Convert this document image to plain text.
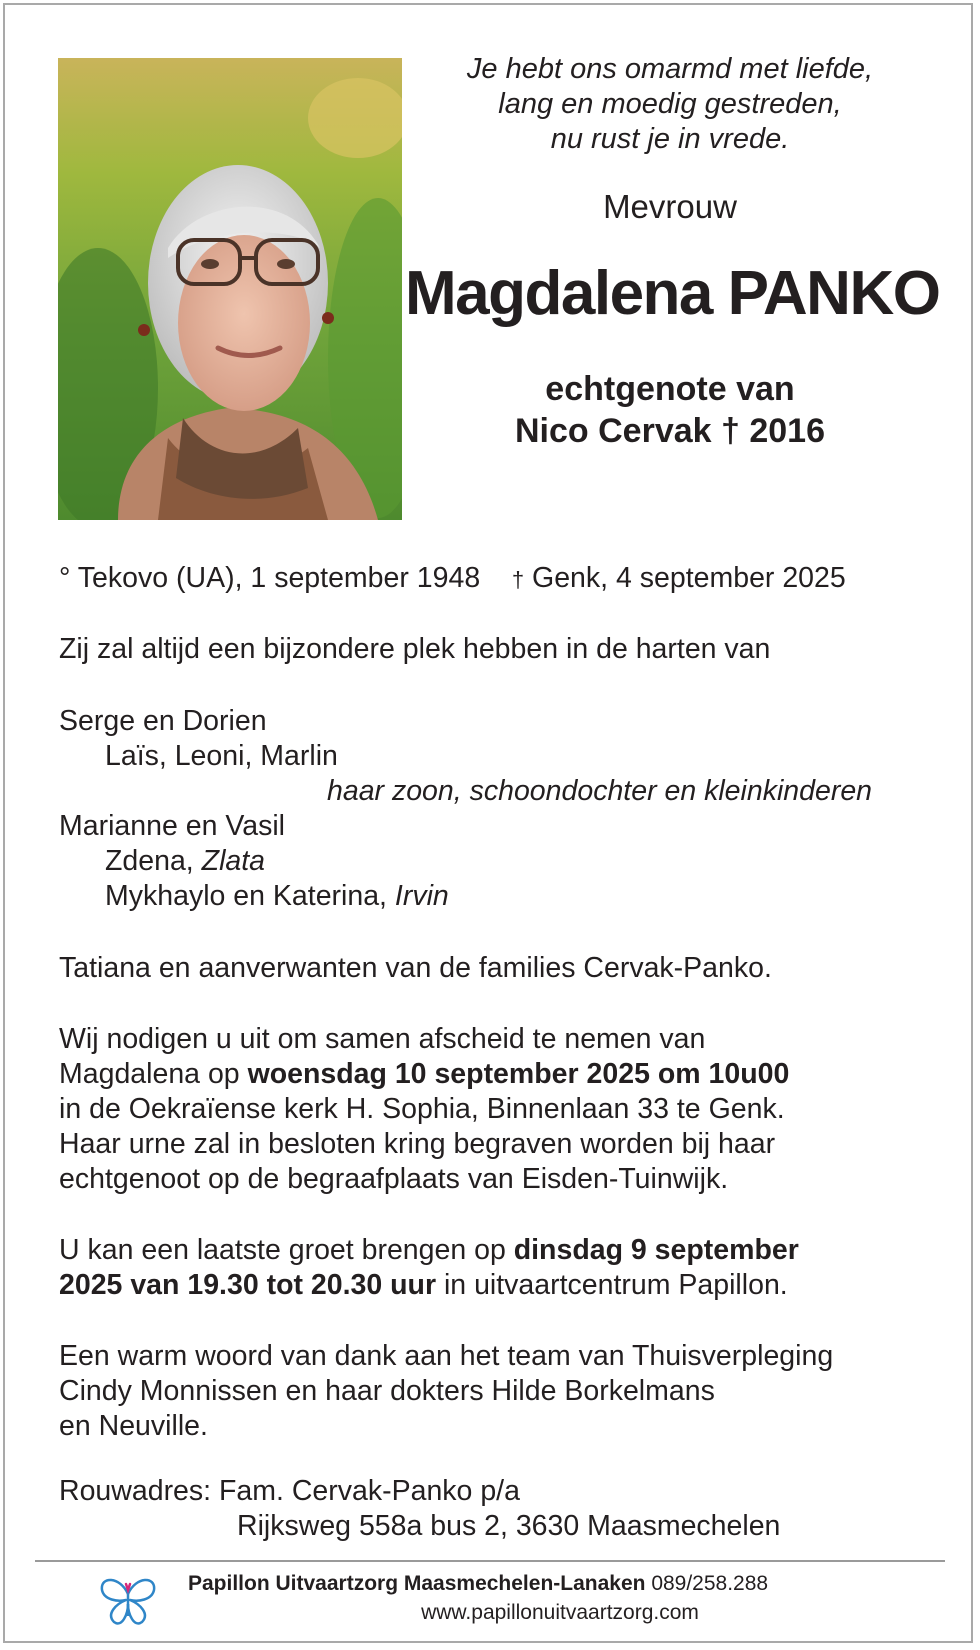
Je hebt ons omarmd met liefde,
lang en moedig gestreden,
nu rust je in vrede.
Mevrouw
Magdalena PANKO
echtgenote van
Nico Cervak † 2016
° Tekovo (UA), 1 september 1948 † Genk, 4 september 2025
Zij zal altijd een bijzondere plek hebben in de harten van
Serge en Dorien
Laïs, Leoni, Marlin
haar zoon, schoondochter en kleinkinderen
Marianne en Vasil
Zdena, Zlata
Mykhaylo en Katerina, Irvin
Tatiana en aanverwanten van de families Cervak-Panko.
Wij nodigen u uit om samen afscheid te nemen van
Magdalena op woensdag 10 september 2025 om 10u00
in de Oekraïense kerk H. Sophia, Binnenlaan 33 te Genk.
Haar urne zal in besloten kring begraven worden bij haar
echtgenoot op de begraafplaats van Eisden-Tuinwijk.
U kan een laatste groet brengen op dinsdag 9 september
2025 van 19.30 tot 20.30 uur in uitvaartcentrum Papillon.
Een warm woord van dank aan het team van Thuisverpleging
Cindy Monnissen en haar dokters Hilde Borkelmans
en Neuville.
Rouwadres: Fam. Cervak-Panko p/a
Rijksweg 558a bus 2, 3630 Maasmechelen
Papillon Uitvaartzorg Maasmechelen-Lanaken 089/258.288
www.papillonuitvaartzorg.com
